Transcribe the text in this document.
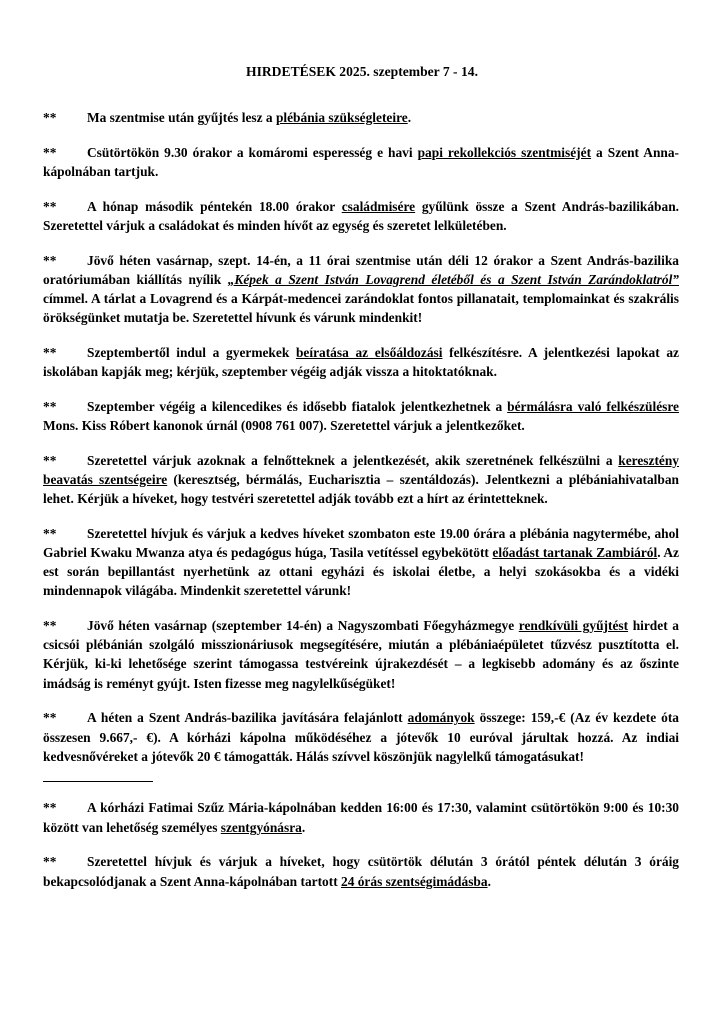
HIRDETÉSEK 2025. szeptember 7 - 14.

** Ma szentmise után gyűjtés lesz a plébánia szükségleteire.

** Csütörtökön 9.30 órakor a komáromi esperesség e havi papi rekollekciós szentmiséjét a Szent Anna-kápolnában tartjuk.

** A hónap második péntekén 18.00 órakor családmisére gyűlünk össze a Szent András-bazilikában. Szeretettel várjuk a családokat és minden hívőt az egység és szeretet lelkületében.

** Jövő héten vasárnap, szept. 14-én, a 11 órai szentmise után déli 12 órakor a Szent András-bazilika oratóriumában kiállítás nyílik „Képek a Szent István Lovagrend életéből és a Szent István Zarándoklatról” címmel. A tárlat a Lovagrend és a Kárpát-medencei zarándoklat fontos pillanatait, templomainkat és szakrális örökségünket mutatja be. Szeretettel hívunk és várunk mindenkit!

** Szeptembertől indul a gyermekek beíratása az elsőáldozási felkészítésre. A jelentkezési lapokat az iskolában kapják meg; kérjük, szeptember végéig adják vissza a hitoktatóknak.

** Szeptember végéig a kilencedikes és idősebb fiatalok jelentkezhetnek a bérmálásra való felkészülésre Mons. Kiss Róbert kanonok úrnál (0908 761 007). Szeretettel várjuk a jelentkezőket.

** Szeretettel várjuk azoknak a felnőtteknek a jelentkezését, akik szeretnének felkészülni a keresztény beavatás szentségeire (keresztség, bérmálás, Eucharisztia – szentáldozás). Jelentkezni a plébániahivatalban lehet. Kérjük a híveket, hogy testvéri szeretettel adják tovább ezt a hírt az érintetteknek.

** Szeretettel hívjuk és várjuk a kedves híveket szombaton este 19.00 órára a plébánia nagytermébe, ahol Gabriel Kwaku Mwanza atya és pedagógus húga, Tasila vetítéssel egybekötött előadást tartanak Zambiáról. Az est során bepillantást nyerhetünk az ottani egyházi és iskolai életbe, a helyi szokásokba és a vidéki mindennapok világába. Mindenkit szeretettel várunk!

** Jövő héten vasárnap (szeptember 14-én) a Nagyszombati Főegyházmegye rendkívüli gyűjtést hirdet a csicsói plébánián szolgáló misszionáriusok megsegítésére, miután a plébániaépületet tűzvész pusztította el. Kérjük, ki-ki lehetősége szerint támogassa testvéreink újrakezdését – a legkisebb adomány és az őszinte imádság is reményt gyújt. Isten fizesse meg nagylelkűségüket!

** A héten a Szent András-bazilika javítására felajánlott adományok összege: 159,-€ (Az év kezdete óta összesen 9.667,- €). A kórházi kápolna működéséhez a jótevők 10 euróval járultak hozzá. Az indiai kedvesnővéreket a jótevők 20 € támogatták. Hálás szívvel köszönjük nagylelkű támogatásukat!

** A kórházi Fatimai Szűz Mária-kápolnában kedden 16:00 és 17:30, valamint csütörtökön 9:00 és 10:30 között van lehetőség személyes szentgyónásra.

** Szeretettel hívjuk és várjuk a híveket, hogy csütörtök délután 3 órától péntek délután 3 óráig bekapcsolódjanak a Szent Anna-kápolnában tartott 24 órás szentségimádásba.
